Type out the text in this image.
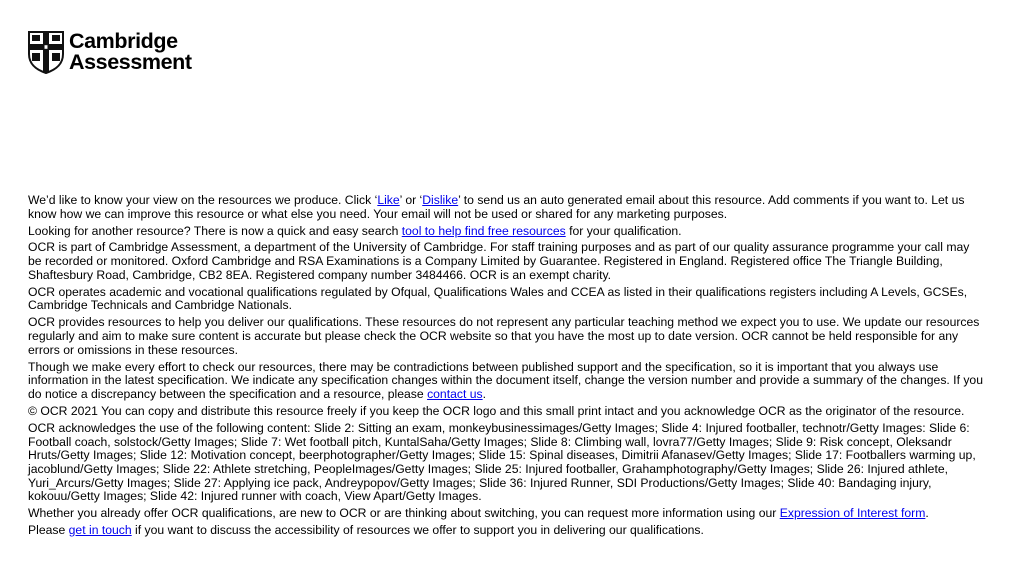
Cambridge
Assessment

We’d like to know your view on the resources we produce. Click ‘Like’ or ‘Dislike’ to send us an auto generated email about this resource. Add comments if you want to. Let us know how we can improve this resource or what else you need. Your email will not be used or shared for any marketing purposes.

Looking for another resource? There is now a quick and easy search tool to help find free resources for your qualification.

OCR is part of Cambridge Assessment, a department of the University of Cambridge. For staff training purposes and as part of our quality assurance programme your call may be recorded or monitored. Oxford Cambridge and RSA Examinations is a Company Limited by Guarantee. Registered in England. Registered office The Triangle Building, Shaftesbury Road, Cambridge, CB2 8EA. Registered company number 3484466. OCR is an exempt charity.

OCR operates academic and vocational qualifications regulated by Ofqual, Qualifications Wales and CCEA as listed in their qualifications registers including A Levels, GCSEs, Cambridge Technicals and Cambridge Nationals.

OCR provides resources to help you deliver our qualifications. These resources do not represent any particular teaching method we expect you to use. We update our resources regularly and aim to make sure content is accurate but please check the OCR website so that you have the most up to date version. OCR cannot be held responsible for any errors or omissions in these resources.

Though we make every effort to check our resources, there may be contradictions between published support and the specification, so it is important that you always use information in the latest specification. We indicate any specification changes within the document itself, change the version number and provide a summary of the changes. If you do notice a discrepancy between the specification and a resource, please contact us.

© OCR 2021 You can copy and distribute this resource freely if you keep the OCR logo and this small print intact and you acknowledge OCR as the originator of the resource.

OCR acknowledges the use of the following content: Slide 2: Sitting an exam, monkeybusinessimages/Getty Images; Slide 4: Injured footballer, technotr/Getty Images: Slide 6: Football coach, solstock/Getty Images; Slide 7: Wet football pitch, KuntalSaha/Getty Images; Slide 8: Climbing wall, lovra77/Getty Images; Slide 9: Risk concept, Oleksandr Hruts/Getty Images; Slide 12: Motivation concept, beerphotographer/Getty Images; Slide 15: Spinal diseases, Dimitrii Afanasev/Getty Images; Slide 17: Footballers warming up, jacoblund/Getty Images; Slide 22: Athlete stretching, PeopleImages/Getty Images; Slide 25: Injured footballer, Grahamphotography/Getty Images; Slide 26: Injured athlete, Yuri_Arcurs/Getty Images; Slide 27: Applying ice pack, Andreypopov/Getty Images; Slide 36: Injured Runner, SDI Productions/Getty Images; Slide 40: Bandaging injury, kokouu/Getty Images; Slide 42: Injured runner with coach, View Apart/Getty Images.

Whether you already offer OCR qualifications, are new to OCR or are thinking about switching, you can request more information using our Expression of Interest form.

Please get in touch if you want to discuss the accessibility of resources we offer to support you in delivering our qualifications.
